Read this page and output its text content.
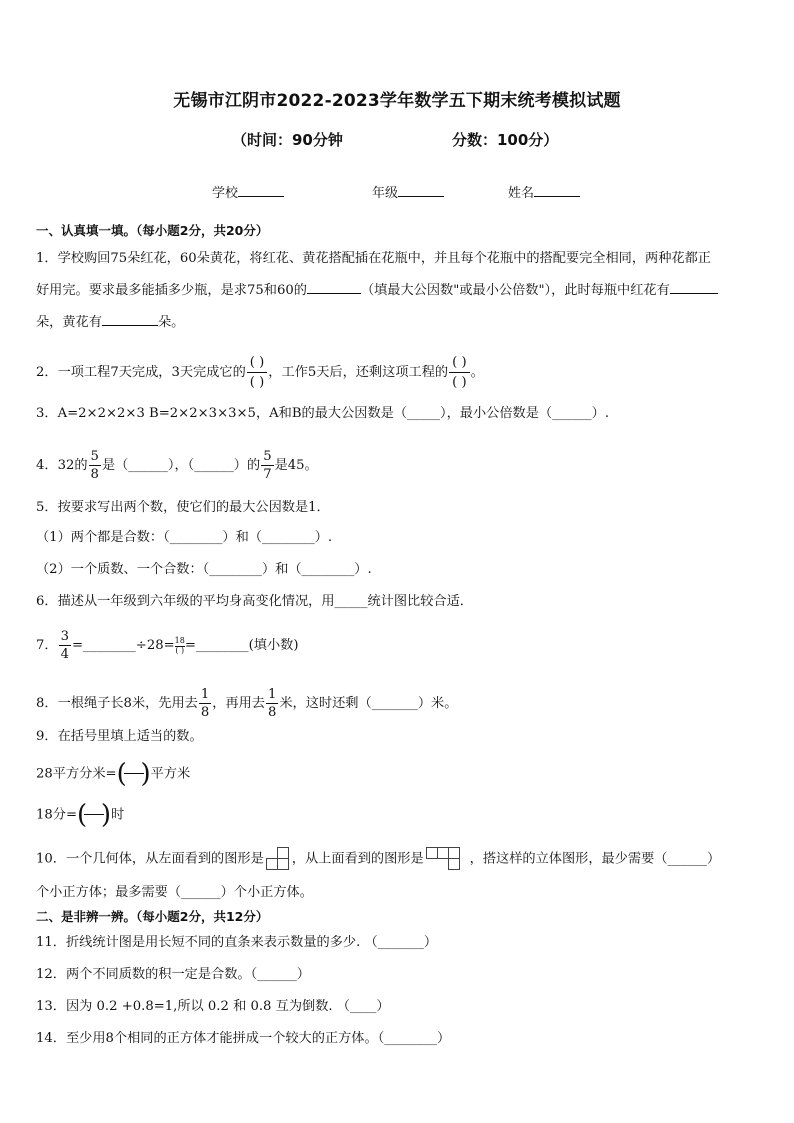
无锡市江阴市2022-2023学年数学五下期末统考模拟试题
（时间：90分钟	分数：100分）
学校	年级	姓名
一、认真填一填。（每小题2分，共20分）
1．学校购回75朵红花，60朵黄花，将红花、黄花搭配插在花瓶中，并且每个花瓶中的搭配要完全相同，两种花都正
好用完。要求最多能插多少瓶，是求75和60的	（填最大公因数"或最小公倍数"），此时每瓶中红花有
朵，黄花有	朵。
2．一项工程7天完成，3天完成它的
( )
( )
，工作5天后，还剩这项工程的
( )
( )
。
3．A=2×2×2×3 B=2×2×3×3×5，A和B的最大公因数是（_____），最小公倍数是（______）.
4．32的 $\frac{5}{8}$ 是（______），（______）的 $\frac{5}{7}$ 是45。
5．按要求写出两个数，使它们的最大公因数是1．
（1）两个都是合数：（________）和（________）.
（2）一个质数、一个合数：（________）和（________）.
6．描述从一年级到六年级的平均身高变化情况，用_____统计图比较合适．
7． $\frac{3}{4}$ =________÷28= 18
( ) =________(填小数)
8．一根绳子长8米，先用去 $\frac{1}{8}$ ，再用去 $\frac{1}{8}$ 米，这时还剩（_______）米。
9．在括号里填上适当的数。
28平方分米= ( ) 平方米
18分= ( ) 时
10．一个几何体，从左面看到的图形是 ，从上面看到的图形是	，搭这样的立体图形，最少需要（______）
个小正方体；最多需要（______）个小正方体。
二、是非辨一辨。（每小题2分，共12分）
11．折线统计图是用长短不同的直条来表示数量的多少. （_______）
12．两个不同质数的积一定是合数。（______）
13．因为 0.2 +0.8=1,所以 0.2 和 0.8 互为倒数. （____）
14．至少用8个相同的正方体才能拼成一个较大的正方体。（________）
